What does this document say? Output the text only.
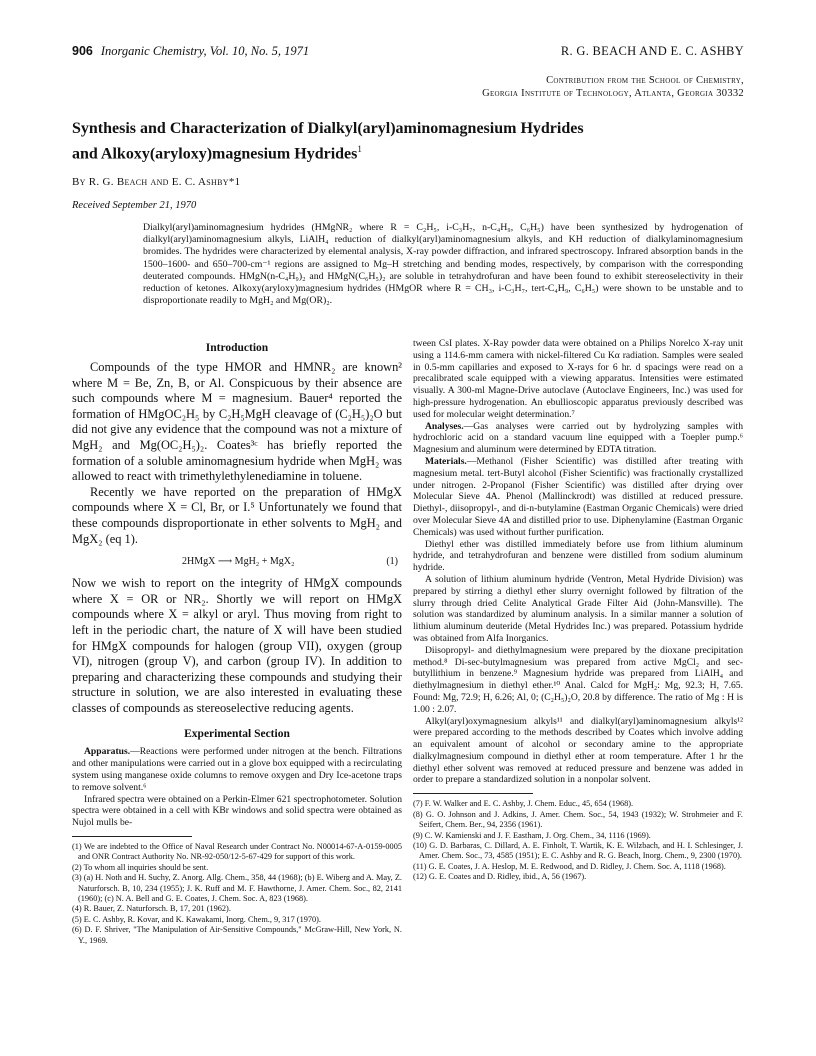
906 Inorganic Chemistry, Vol. 10, No. 5, 1971	R. G. BEACH AND E. C. ASHBY
Contribution from the School of Chemistry,
Georgia Institute of Technology, Atlanta, Georgia 30332
Synthesis and Characterization of Dialkyl(aryl)aminomagnesium Hydrides
and Alkoxy(aryloxy)magnesium Hydrides$^1$
By R. G. Beach and E. C. Ashby*1
Received September 21, 1970
Dialkyl(aryl)aminomagnesium hydrides (HMgNR₂ where R = C₂H₅, i-C₃H₇, n-C₄H₉, C₆H₅) have been synthesized by hydrogenation of dialkyl(aryl)aminomagnesium alkyls, LiAlH₄ reduction of dialkyl(aryl)aminomagnesium alkyls, and KH reduction of dialkylaminomagnesium bromides. The hydrides were characterized by elemental analysis, X-ray powder diffraction, and infrared spectroscopy. Infrared absorption bands in the 1500–1600- and 650–700-cm⁻¹ regions are assigned to Mg–H stretching and bending modes, respectively, by comparison with the corresponding deuterated compounds. HMgN(n-C₄H₉)₂ and HMgN(C₆H₅)₂ are soluble in tetrahydrofuran and have been found to exhibit stereoselectivity in their reduction of ketones. Alkoxy(aryloxy)magnesium hydrides (HMgOR where R = CH₃, i-C₃H₇, tert-C₄H₉, C₆H₅) were shown to be unstable and to disproportionate readily to MgH₂ and Mg(OR)₂.
Introduction

Compounds of the type HMOR and HMNR₂ are known² where M = Be, Zn, B, or Al. Conspicuous by their absence are such compounds where M = magnesium. Bauer⁴ reported the formation of HMgOC₂H₅ by C₂H₅MgH cleavage of (C₂H₅)₂O but did not give any evidence that the compound was not a mixture of MgH₂ and Mg(OC₂H₅)₂. Coates³ᶜ has briefly reported the formation of a soluble aminomagnesium hydride when MgH₂ was allowed to react with trimethylethylenediamine in toluene.

Recently we have reported on the preparation of HMgX compounds where X = Cl, Br, or I.⁵ Unfortunately we found that these compounds disproportionate in ether solvents to MgH₂ and MgX₂ (eq 1).

2HMgX ⟶ MgH₂ + MgX₂	(1)

Now we wish to report on the integrity of HMgX compounds where X = OR or NR₂. Shortly we will report on HMgX compounds where X = alkyl or aryl. Thus moving from right to left in the periodic chart, the nature of X will have been studied for HMgX compounds for halogen (group VII), oxygen (group VI), nitrogen (group V), and carbon (group IV). In addition to preparing and characterizing these compounds and studying their structure in solution, we are also interested in evaluating these classes of compounds as stereoselective reducing agents.

Experimental Section

Apparatus.—Reactions were performed under nitrogen at the bench. Filtrations and other manipulations were carried out in a glove box equipped with a recirculating system using manganese oxide columns to remove oxygen and Dry Ice-acetone traps to remove solvent.⁶

Infrared spectra were obtained on a Perkin-Elmer 621 spectrophotometer. Solution spectra were obtained in a cell with KBr windows and solid spectra were obtained as Nujol mulls be-

(1) We are indebted to the Office of Naval Research under Contract No. N00014-67-A-0159-0005 and ONR Contract Authority No. NR-92-050/12-5-67-429 for support of this work.

(2) To whom all inquiries should be sent.

(3) (a) H. Noth and H. Suchy, Z. Anorg. Allg. Chem., 358, 44 (1968); (b) E. Wiberg and A. May, Z. Naturforsch. B, 10, 234 (1955); J. K. Ruff and M. F. Hawthorne, J. Amer. Chem. Soc., 82, 2141 (1960); (c) N. A. Bell and G. E. Coates, J. Chem. Soc. A, 823 (1968).

(4) R. Bauer, Z. Naturforsch. B, 17, 201 (1962).

(5) E. C. Ashby, R. Kovar, and K. Kawakami, Inorg. Chem., 9, 317 (1970).

(6) D. F. Shriver, "The Manipulation of Air-Sensitive Compounds," McGraw-Hill, New York, N. Y., 1969.

tween CsI plates. X-Ray powder data were obtained on a Philips Norelco X-ray unit using a 114.6-mm camera with nickel-filtered Cu Kα radiation. Samples were sealed in 0.5-mm capillaries and exposed to X-rays for 6 hr. d spacings were read on a precalibrated scale equipped with a viewing apparatus. Intensities were estimated visually. A 300-ml Magne-Drive autoclave (Autoclave Engineers, Inc.) was used for high-pressure hydrogenation. An ebullioscopic apparatus previously described was used for molecular weight determination.⁷

Analyses.—Gas analyses were carried out by hydrolyzing samples with hydrochloric acid on a standard vacuum line equipped with a Toepler pump.⁶ Magnesium and aluminum were determined by EDTA titration.

Materials.—Methanol (Fisher Scientific) was distilled after treating with magnesium metal. tert-Butyl alcohol (Fisher Scientific) was fractionally crystallized under nitrogen. 2-Propanol (Fisher Scientific) was distilled after drying over Molecular Sieve 4A. Phenol (Mallinckrodt) was distilled at reduced pressure. Diethyl-, diisopropyl-, and di-n-butylamine (Eastman Organic Chemicals) were dried over Molecular Sieve 4A and distilled prior to use. Diphenylamine (Eastman Organic Chemicals) was used without further purification.

Diethyl ether was distilled immediately before use from lithium aluminum hydride, and tetrahydrofuran and benzene were distilled from sodium aluminum hydride.

A solution of lithium aluminum hydride (Ventron, Metal Hydride Division) was prepared by stirring a diethyl ether slurry overnight followed by filtration of the slurry through dried Celite Analytical Grade Filter Aid (John-Mansville). The solution was standardized by aluminum analysis. In a similar manner a solution of lithium aluminum deuteride (Metal Hydrides Inc.) was prepared. Potassium hydride was obtained from Alfa Inorganics.

Diisopropyl- and diethylmagnesium were prepared by the dioxane precipitation method.⁸ Di-sec-butylmagnesium was prepared from active MgCl₂ and sec-butyllithium in benzene.⁹ Magnesium hydride was prepared from LiAlH₄ and diethylmagnesium in diethyl ether.¹⁰ Anal. Calcd for MgH₂: Mg, 92.3; H, 7.65. Found: Mg, 72.9; H, 6.26; Al, 0; (C₂H₅)₂O, 20.8 by difference. The ratio of Mg : H is 1.00 : 2.07.

Alkyl(aryl)oxymagnesium alkyls¹¹ and dialkyl(aryl)aminomagnesium alkyls¹² were prepared according to the methods described by Coates which involve adding an equivalent amount of alcohol or secondary amine to the appropriate dialkylmagnesium compound in diethyl ether at room temperature. After 1 hr the diethyl ether solvent was removed at reduced pressure and benzene was added in order to prepare a standardized solution in a nonpolar solvent.

(7) F. W. Walker and E. C. Ashby, J. Chem. Educ., 45, 654 (1968).

(8) G. O. Johnson and J. Adkins, J. Amer. Chem. Soc., 54, 1943 (1932); W. Strohmeier and F. Seifert, Chem. Ber., 94, 2356 (1961).

(9) C. W. Kamienski and J. F. Eastham, J. Org. Chem., 34, 1116 (1969).

(10) G. D. Barbaras, C. Dillard, A. E. Finholt, T. Wartik, K. E. Wilzbach, and H. I. Schlesinger, J. Amer. Chem. Soc., 73, 4585 (1951); E. C. Ashby and R. G. Beach, Inorg. Chem., 9, 2300 (1970).

(11) G. E. Coates, J. A. Heslop, M. E. Redwood, and D. Ridley, J. Chem. Soc. A, 1118 (1968).

(12) G. E. Coates and D. Ridley, ibid., A, 56 (1967).
